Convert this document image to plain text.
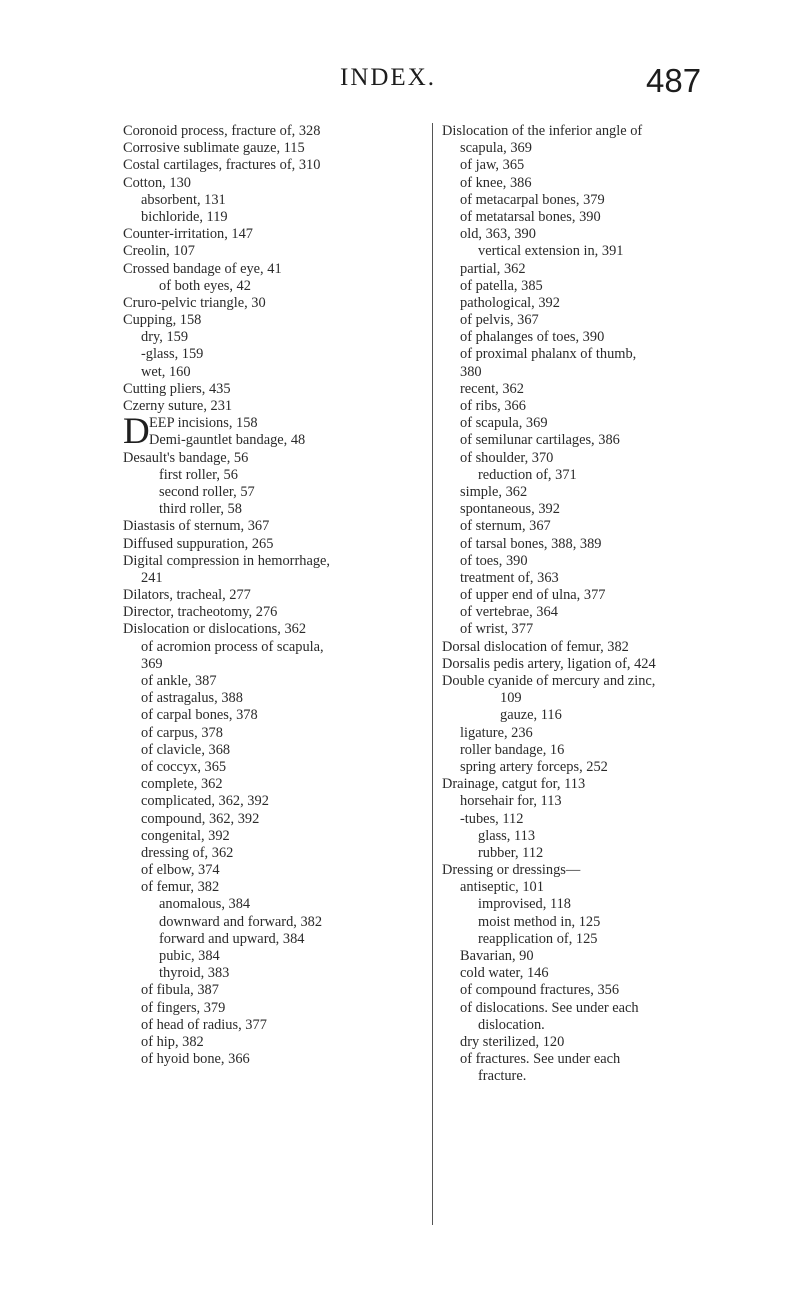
INDEX.	487
Coronoid process, fracture of, 328
Corrosive sublimate gauze, 115
Costal cartilages, fractures of, 310
Cotton, 130
absorbent, 131
bichloride, 119
Counter-irritation, 147
Creolin, 107
Crossed bandage of eye, 41
of both eyes, 42
Cruro-pelvic triangle, 30
Cupping, 158
dry, 159
-glass, 159
wet, 160
Cutting pliers, 435
Czerny suture, 231
D EEP incisions, 158
Demi-gauntlet bandage, 48
Desault's bandage, 56
first roller, 56
second roller, 57
third roller, 58
Diastasis of sternum, 367
Diffused suppuration, 265
Digital compression in hemorrhage,
241
Dilators, tracheal, 277
Director, tracheotomy, 276
Dislocation or dislocations, 362
of acromion process of scapula,
369
of ankle, 387
of astragalus, 388
of carpal bones, 378
of carpus, 378
of clavicle, 368
of coccyx, 365
complete, 362
complicated, 362, 392
compound, 362, 392
congenital, 392
dressing of, 362
of elbow, 374
of femur, 382
anomalous, 384
downward and forward, 382
forward and upward, 384
pubic, 384
thyroid, 383
of fibula, 387
of fingers, 379
of head of radius, 377
of hip, 382
of hyoid bone, 366
Dislocation of the inferior angle of
scapula, 369
of jaw, 365
of knee, 386
of metacarpal bones, 379
of metatarsal bones, 390
old, 363, 390
vertical extension in, 391
partial, 362
of patella, 385
pathological, 392
of pelvis, 367
of phalanges of toes, 390
of proximal phalanx of thumb,
380
recent, 362
of ribs, 366
of scapula, 369
of semilunar cartilages, 386
of shoulder, 370
reduction of, 371
simple, 362
spontaneous, 392
of sternum, 367
of tarsal bones, 388, 389
of toes, 390
treatment of, 363
of upper end of ulna, 377
of vertebrae, 364
of wrist, 377
Dorsal dislocation of femur, 382
Dorsalis pedis artery, ligation of, 424
Double cyanide of mercury and zinc,
109
gauze, 116
ligature, 236
roller bandage, 16
spring artery forceps, 252
Drainage, catgut for, 113
horsehair for, 113
-tubes, 112
glass, 113
rubber, 112
Dressing or dressings—
antiseptic, 101
improvised, 118
moist method in, 125
reapplication of, 125
Bavarian, 90
cold water, 146
of compound fractures, 356
of dislocations. See under each
dislocation.
dry sterilized, 120
of fractures. See under each
fracture.
